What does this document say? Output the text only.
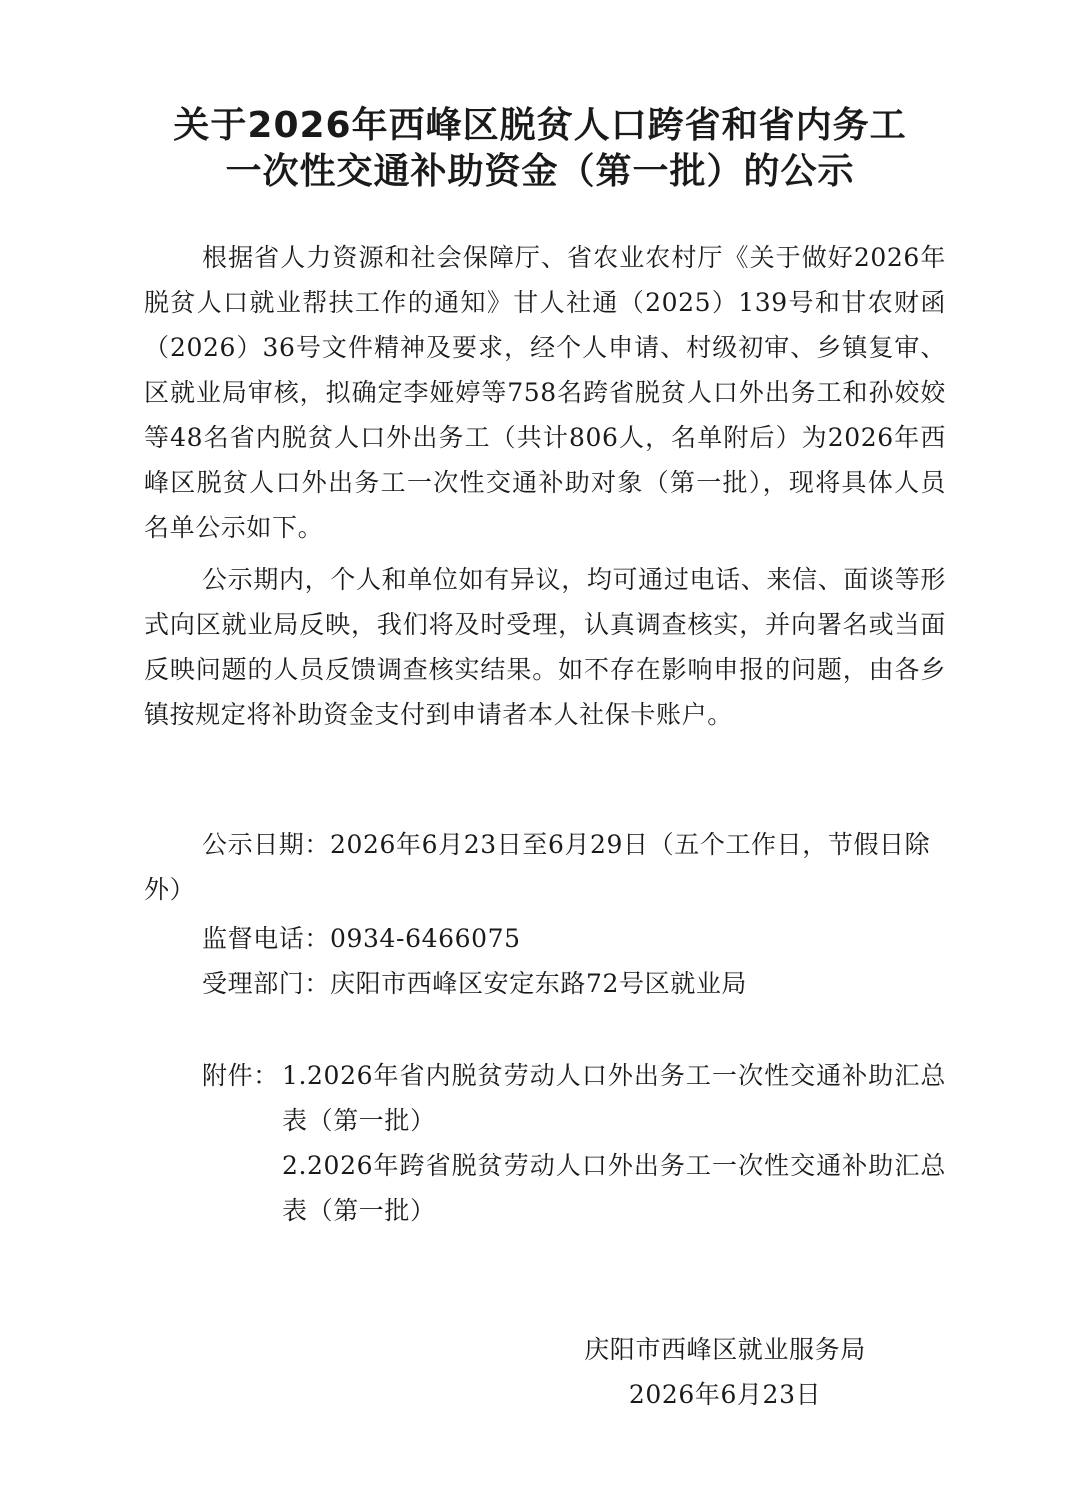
关于2026年西峰区脱贫人口跨省和省内务工
一次性交通补助资金（第一批）的公示

根据省人力资源和社会保障厅、省农业农村厅《关于做好2026年脱贫人口就业帮扶工作的通知》甘人社通（2025）139号和甘农财函（2026）36号文件精神及要求，经个人申请、村级初审、乡镇复审、区就业局审核，拟确定李娅婷等758名跨省脱贫人口外出务工和孙姣姣等48名省内脱贫人口外出务工（共计806人，名单附后）为2026年西峰区脱贫人口外出务工一次性交通补助对象（第一批），现将具体人员名单公示如下。

公示期内，个人和单位如有异议，均可通过电话、来信、面谈等形式向区就业局反映，我们将及时受理，认真调查核实，并向署名或当面反映问题的人员反馈调查核实结果。如不存在影响申报的问题，由各乡镇按规定将补助资金支付到申请者本人社保卡账户。

公示日期：2026年6月23日至6月29日（五个工作日，节假日除外）

监督电话：0934-6466075

受理部门：庆阳市西峰区安定东路72号区就业局

附件： 1.2026年省内脱贫劳动人口外出务工一次性交通补助汇总表（第一批）

2.2026年跨省脱贫劳动人口外出务工一次性交通补助汇总表（第一批）

庆阳市西峰区就业服务局

2026年6月23日
